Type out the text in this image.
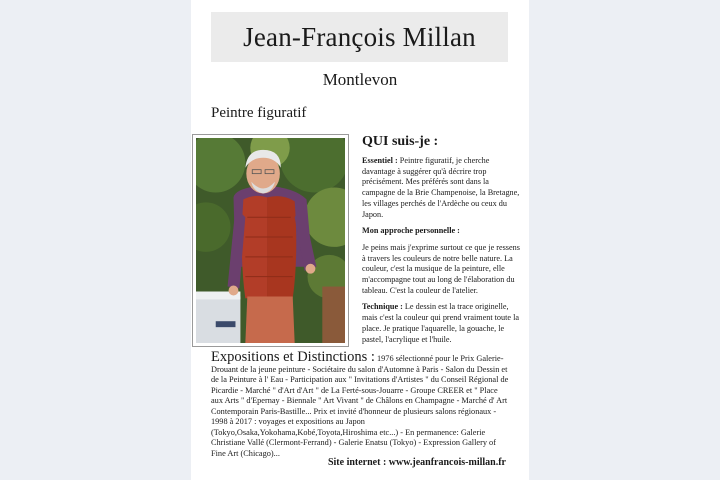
Jean-François Millan
Montlevon
Peintre figuratif
QUI suis-je :

Essentiel : Peintre figuratif, je cherche davantage à suggérer qu'à décrire trop précisément. Mes préférés sont dans la campagne de la Brie Champenoise, la Bretagne, les villages perchés de l'Ardèche ou ceux du Japon.

Mon approche personnelle :

Je peins mais j'exprime surtout ce que je ressens à travers les couleurs de notre belle nature. La couleur, c'est la musique de la peinture, elle m'accompagne tout au long de l'élaboration du tableau. C'est la couleur de l'atelier.

Technique : Le dessin est la trace originelle, mais c'est la couleur qui prend vraiment toute la place. Je pratique l'aquarelle, la gouache, le pastel, l'acrylique et l'huile.

Expositions et Distinctions : 1976 sélectionné pour le Prix Galerie-Drouant de la jeune peinture - Sociétaire du salon d'Automne à Paris - Salon du Dessin et de la Peinture à l' Eau - Participation aux " Invitations d'Artistes " du Conseil Régional de Picardie - Marché " d'Art d'Art " de La Ferté-sous-Jouarre - Groupe CREER et " Place aux Arts " d'Epernay - Biennale " Art Vivant " de Châlons en Champagne - Marché d' Art Contemporain Paris-Bastille... Prix et invité d'honneur de plusieurs salons régionaux - 1998 à 2017 : voyages et expositions au Japon (Tokyo,Osaka,Yokohama,Kobé,Toyota,Hiroshima etc...) - En permanence: Galerie Christiane Vallé (Clermont-Ferrand) - Galerie Enatsu (Tokyo) - Expression Gallery of Fine Art (Chicago)...
Site internet : www.jeanfrancois-millan.fr
